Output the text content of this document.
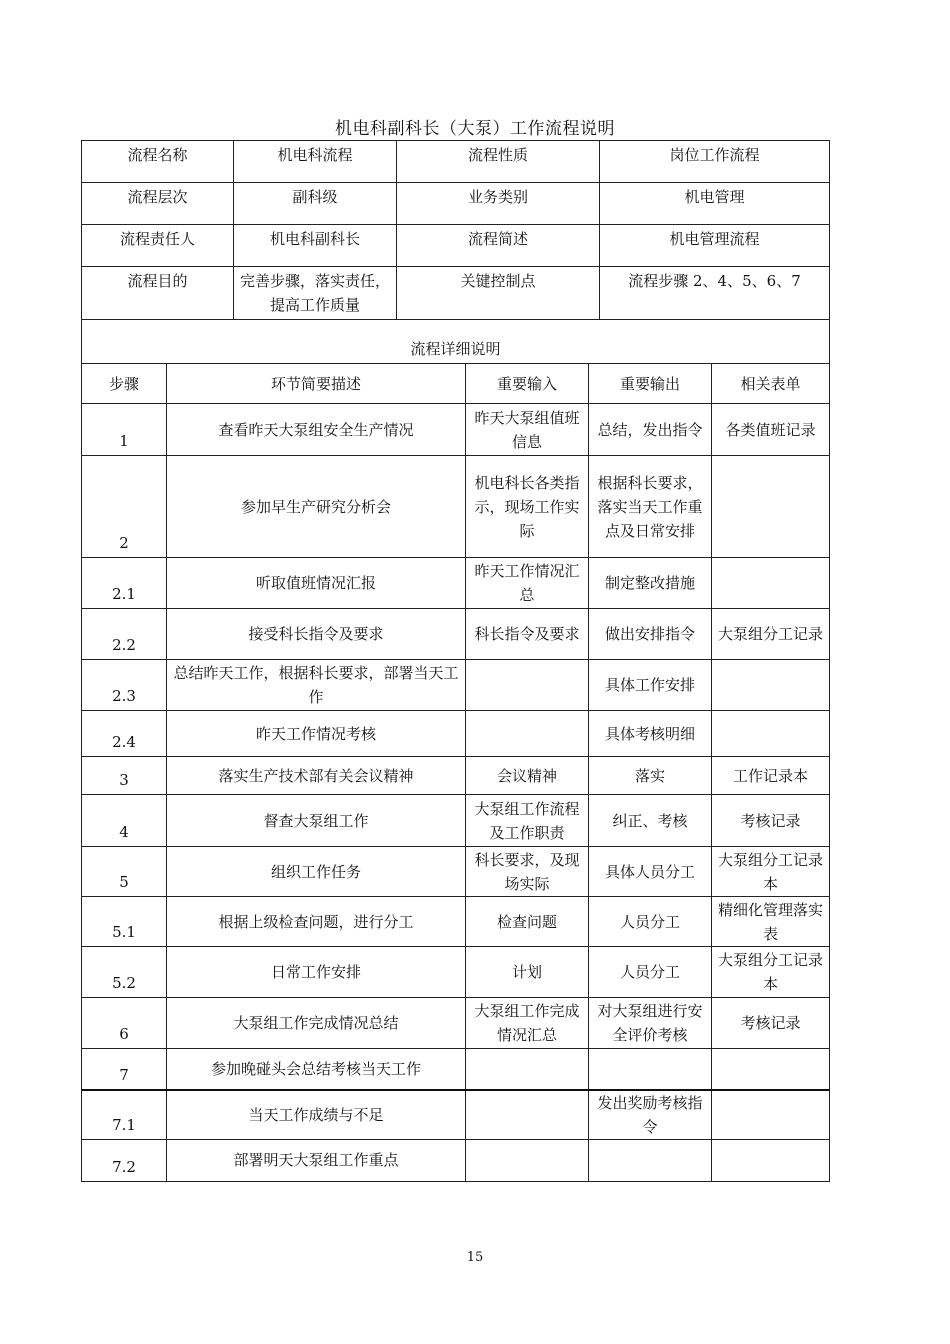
机电科副科长（大泵）工作流程说明
流程名称	机电科流程	流程性质	岗位工作流程
流程层次	副科级	业务类别	机电管理
流程责任人	机电科副科长	流程简述	机电管理流程
流程目的	完善步骤，落实责任，提高工作质量	关键控制点	流程步骤 2、4、5、6、7
流程详细说明			
步骤	环节简要描述	重要输入	重要输出	相关表单
1	查看昨天大泵组安全生产情况	昨天大泵组值班信息	总结，发出指令	各类值班记录
2	参加早生产研究分析会	机电科长各类指示，现场工作实际	根据科长要求，落实当天工作重点及日常安排	
2.1	听取值班情况汇报	昨天工作情况汇总	制定整改措施	
2.2	接受科长指令及要求	科长指令及要求	做出安排指令	大泵组分工记录
2.3	总结昨天工作，根据科长要求，部署当天工作		具体工作安排	
2.4	昨天工作情况考核		具体考核明细	
3	落实生产技术部有关会议精神	会议精神	落实	工作记录本
4	督查大泵组工作	大泵组工作流程及工作职责	纠正、考核	考核记录
5	组织工作任务	科长要求，及现场实际	具体人员分工	大泵组分工记录本
5.1	根据上级检查问题，进行分工	检查问题	人员分工	精细化管理落实表
5.2	日常工作安排	计划	人员分工	大泵组分工记录本
6	大泵组工作完成情况总结	大泵组工作完成情况汇总	对大泵组进行安全评价考核	考核记录
7	参加晚碰头会总结考核当天工作			
7.1	当天工作成绩与不足		发出奖励考核指令	
7.2	部署明天大泵组工作重点			
15
